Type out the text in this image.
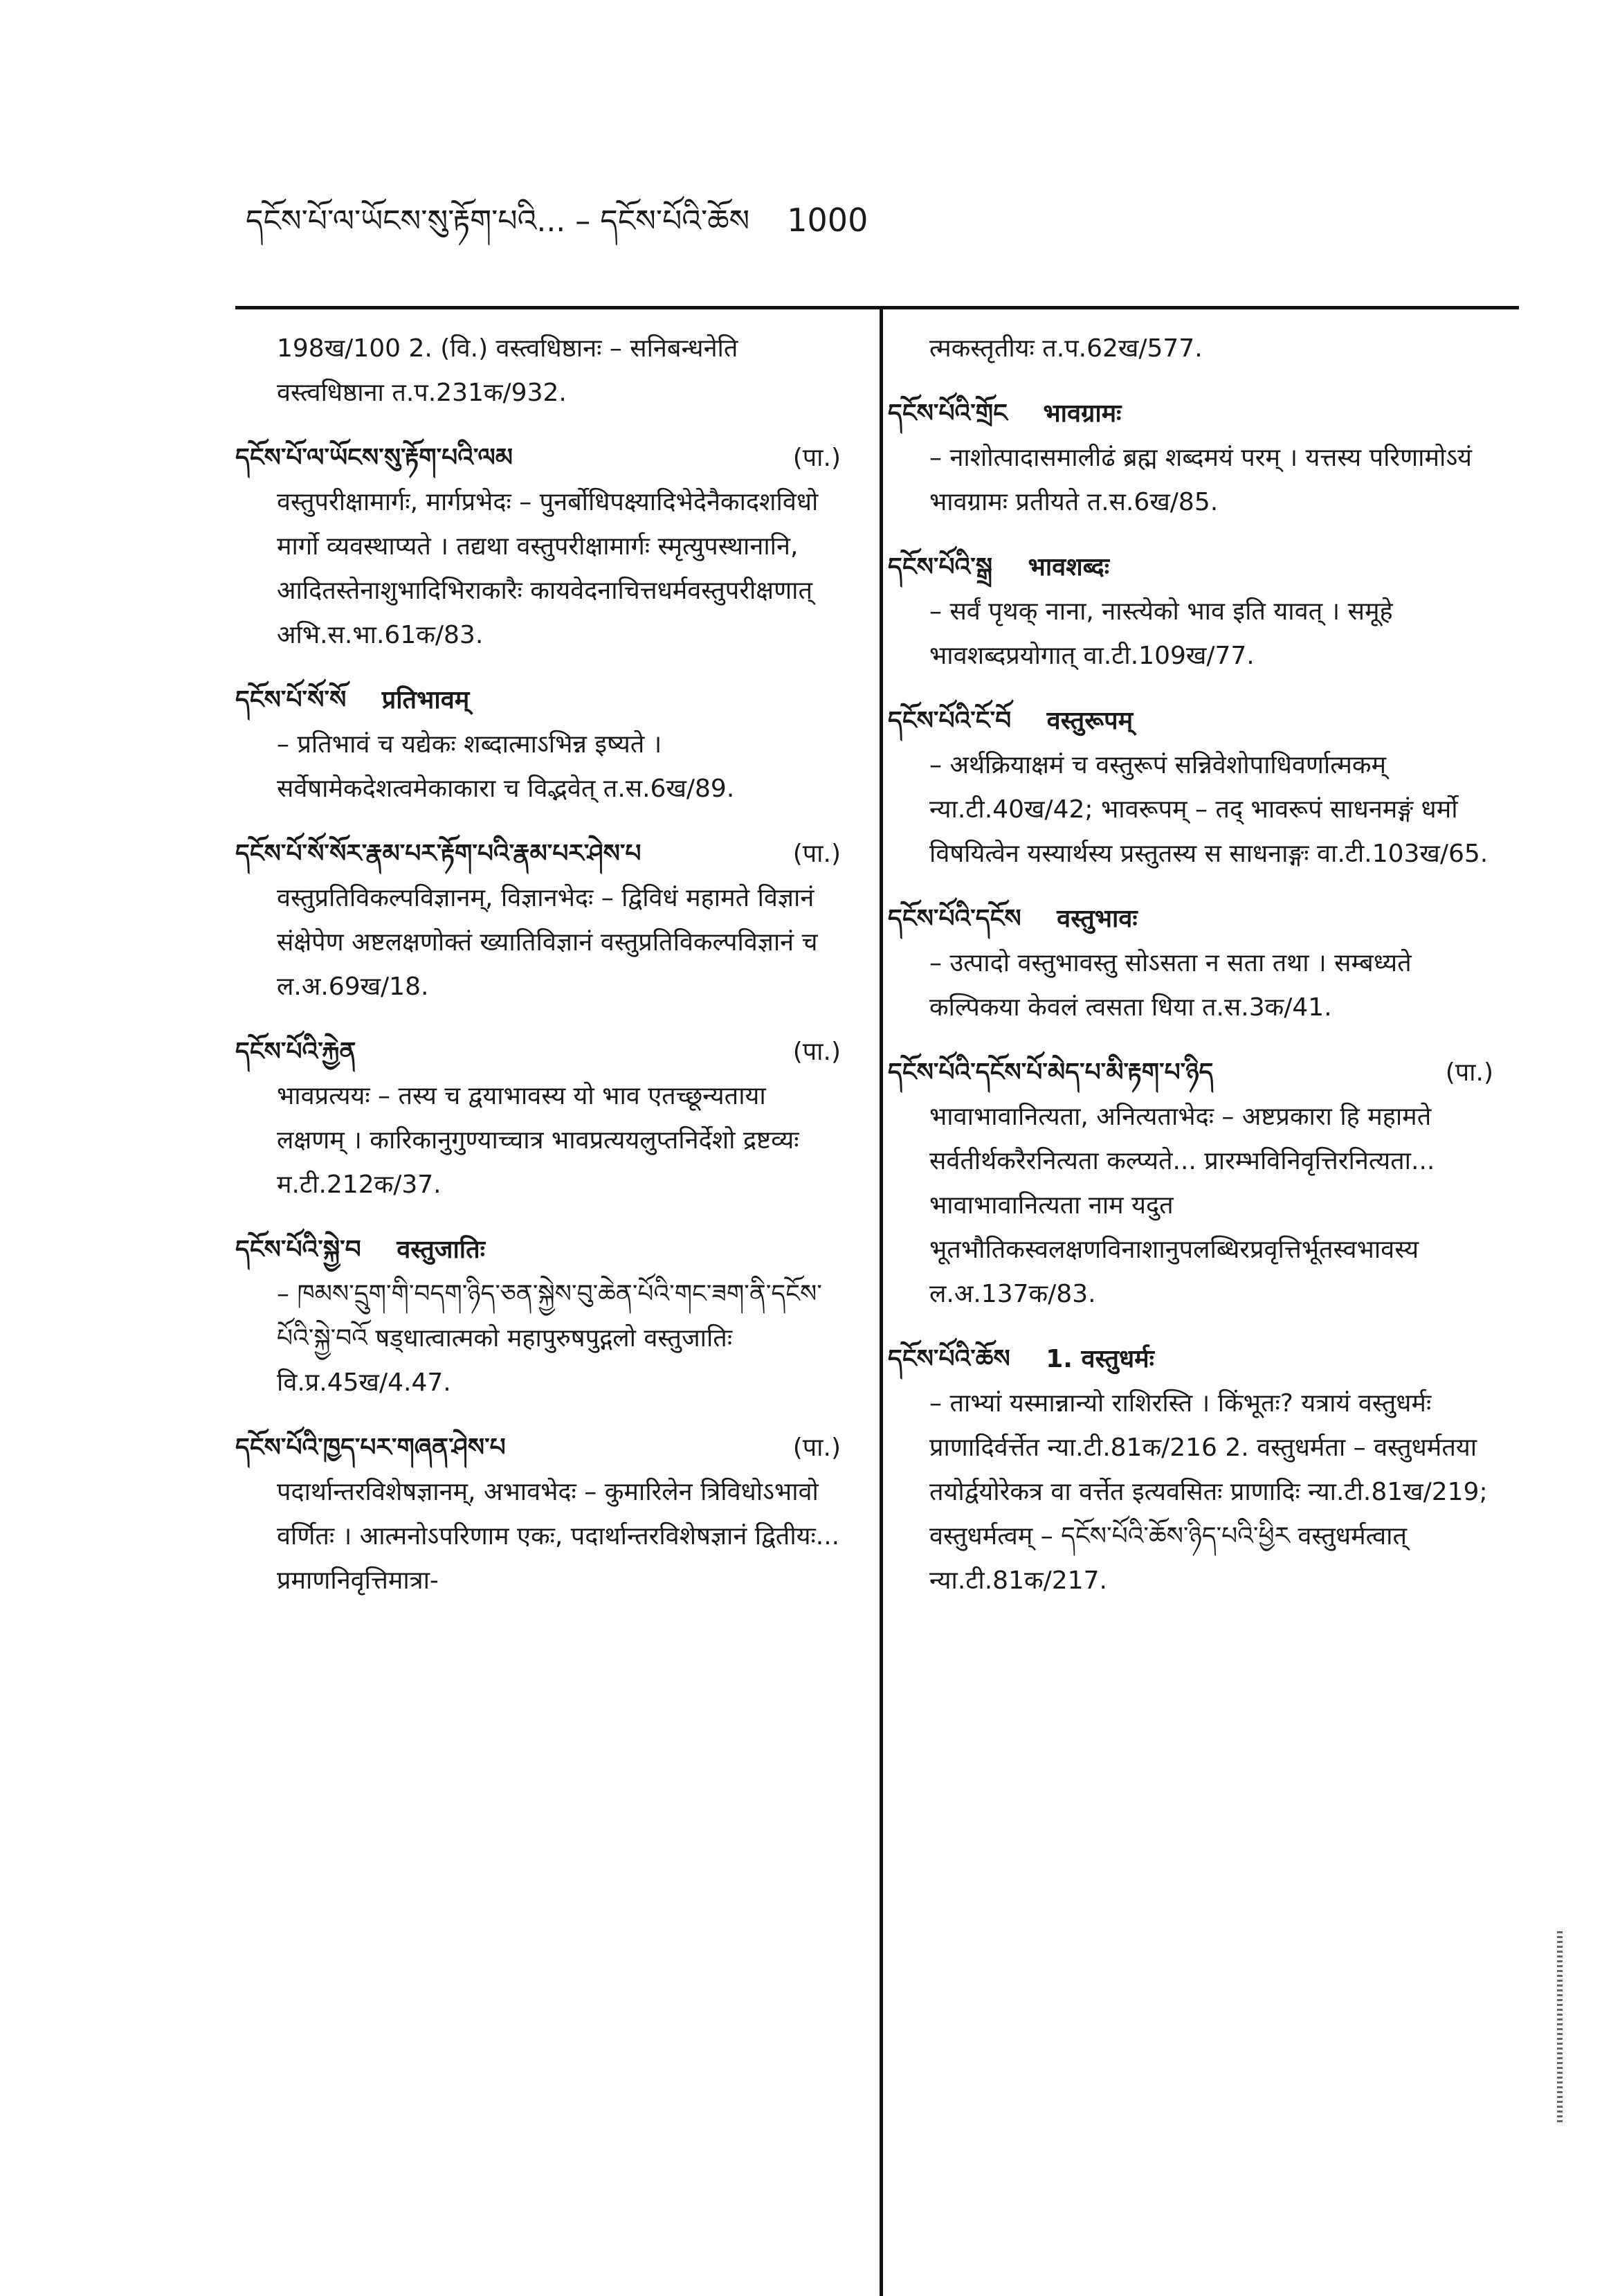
དངོས་པོ་ལ་ཡོངས་སུ་རྟོག་པའི... – དངོས་པོའི་ཆོས 1000
198ख/100 2. (वि.) वस्त्वधिष्ठानः – सनिबन्धनेति वस्त्वधिष्ठाना त.प.231क/932.
དངོས་པོ་ལ་ཡོངས་སུ་རྟོག་པའི་ལམ	(पा.)
वस्तुपरीक्षामार्गः, मार्गप्रभेदः – पुनर्बोधिपक्ष्यादिभेदेनैकादशविधो मार्गो व्यवस्थाप्यते । तद्यथा वस्तुपरीक्षामार्गः स्मृत्युपस्थानानि, आदितस्तेनाशुभादिभिराकारैः कायवेदनाचित्तधर्मवस्तुपरीक्षणात् अभि.स.भा.61क/83.
དངོས་པོ་སོ་སོ प्रतिभावम्
– प्रतिभावं च यद्येकः शब्दात्माऽभिन्न इष्यते । सर्वेषामेकदेशत्वमेकाकारा च विद्भवेत् त.स.6ख/89.
དངོས་པོ་སོ་སོར་རྣམ་པར་རྟོག་པའི་རྣམ་པར་ཤེས་པ	(पा.)
वस्तुप्रतिविकल्पविज्ञानम्, विज्ञानभेदः – द्विविधं महामते विज्ञानं संक्षेपेण अष्टलक्षणोक्तं ख्यातिविज्ञानं वस्तुप्रतिविकल्पविज्ञानं च ल.अ.69ख/18.
དངོས་པོའི་རྐྱེན	(पा.)
भावप्रत्ययः – तस्य च द्वयाभावस्य यो भाव एतच्छून्यताया लक्षणम् । कारिकानुगुण्याच्चात्र भावप्रत्ययलुप्तनिर्देशो द्रष्टव्यः म.टी.212क/37.
དངོས་པོའི་སྐྱེ་བ वस्तुजातिः
– ཁམས་དྲུག་གི་བདག་ཉིད་ཅན་སྐྱེས་བུ་ཆེན་པོའི་གང་ཟག་ནི་དངོས་པོའི་སྐྱེ་བའོ षड्धात्वात्मको महापुरुषपुद्गलो वस्तुजातिः वि.प्र.45ख/4.47.
དངོས་པོའི་ཁྱད་པར་གཞན་ཤེས་པ	(पा.)
पदार्थान्तरविशेषज्ञानम्, अभावभेदः – कुमारिलेन त्रिविधोऽभावो वर्णितः । आत्मनोऽपरिणाम एकः, पदार्थान्तरविशेषज्ञानं द्वितीयः... प्रमाणनिवृत्तिमात्रा-
त्मकस्तृतीयः त.प.62ख/577.
དངོས་པོའི་གྲོང भावग्रामः
– नाशोत्पादासमालीढं ब्रह्म शब्दमयं परम् । यत्तस्य परिणामोऽयं भावग्रामः प्रतीयते त.स.6ख/85.
དངོས་པོའི་སྒྲ भावशब्दः
– सर्वं पृथक् नाना, नास्त्येको भाव इति यावत् । समूहे भावशब्दप्रयोगात् वा.टी.109ख/77.
དངོས་པོའི་ངོ་བོ वस्तुरूपम्
– अर्थक्रियाक्षमं च वस्तुरूपं सन्निवेशोपाधिवर्णात्मकम् न्या.टी.40ख/42; भावरूपम् – तद् भावरूपं साधनमङ्गं धर्मो विषयित्वेन यस्यार्थस्य प्रस्तुतस्य स साधनाङ्गः वा.टी.103ख/65.
དངོས་པོའི་དངོས वस्तुभावः
– उत्पादो वस्तुभावस्तु सोऽसता न सता तथा । सम्बध्यते कल्पिकया केवलं त्वसता धिया त.स.3क/41.
དངོས་པོའི་དངོས་པོ་མེད་པ་མི་རྟག་པ་ཉིད	(पा.)
भावाभावानित्यता, अनित्यताभेदः – अष्टप्रकारा हि महामते सर्वतीर्थकरैरनित्यता कल्प्यते... प्रारम्भविनिवृत्तिरनित्यता... भावाभावानित्यता नाम यदुत भूतभौतिकस्वलक्षणविनाशानुपलब्धिरप्रवृत्तिर्भूतस्वभावस्य ल.अ.137क/83.
དངོས་པོའི་ཆོས 1. वस्तुधर्मः
– ताभ्यां यस्मान्नान्यो राशिरस्ति । किंभूतः? यत्रायं वस्तुधर्मः प्राणादिर्वर्त्तेत न्या.टी.81क/216 2. वस्तुधर्मता – वस्तुधर्मतया तयोर्द्वयोरेकत्र वा वर्त्तेत इत्यवसितः प्राणादिः न्या.टी.81ख/219; वस्तुधर्मत्वम् – དངོས་པོའི་ཆོས་ཉིད་པའི་ཕྱིར वस्तुधर्मत्वात् न्या.टी.81क/217.
